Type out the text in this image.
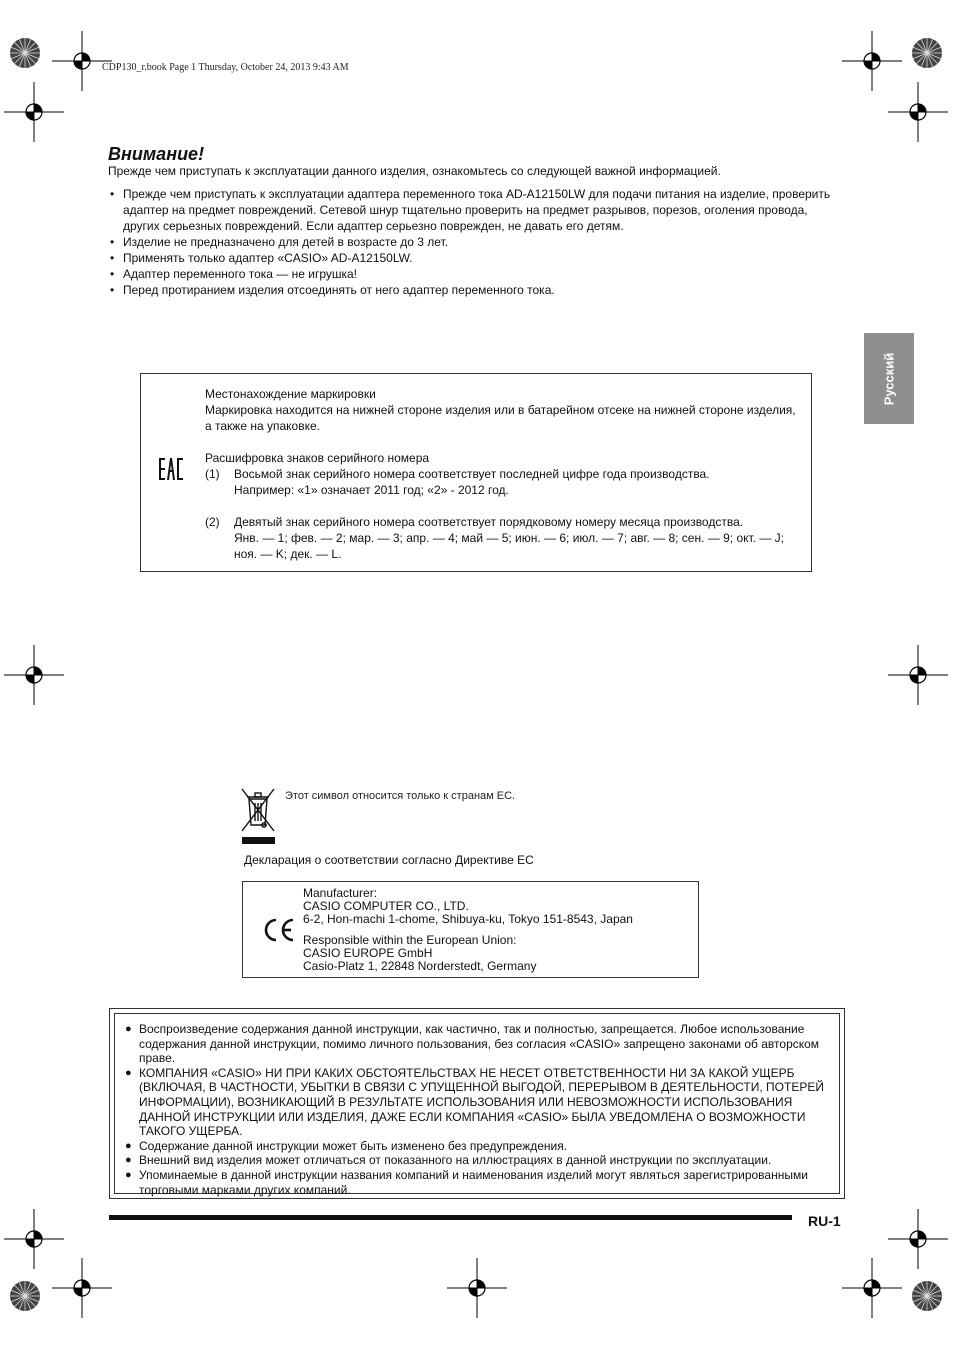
CDP130_r.book Page 1 Thursday, October 24, 2013 9:43 AM
Русский
Внимание!
Прежде чем приступать к эксплуатации данного изделия, ознакомьтесь со следующей важной информацией.
• Прежде чем приступать к эксплуатации адаптера переменного тока AD-A12150LW для подачи питания на изделие, проверить адаптер на предмет повреждений. Сетевой шнур тщательно проверить на предмет разрывов, порезов, оголения провода, других серьезных повреждений. Если адаптер серьезно поврежден, не давать его детям.
• Изделие не предназначено для детей в возрасте до 3 лет.
• Применять только адаптер «CASIO» AD-A12150LW.
• Адаптер переменного тока — не игрушка!
• Перед протиранием изделия отсоединять от него адаптер переменного тока.
Местонахождение маркировки
Маркировка находится на нижней стороне изделия или в батарейном отсеке на нижней стороне изделия, а также на упаковке.
Расшифровка знаков серийного номера
(1) Восьмой знак серийного номера соответствует последней цифре года производства.
Например: «1» означает 2011 год; «2» - 2012 год.
(2) Девятый знак серийного номера соответствует порядковому номеру месяца производства.
Янв. — 1; фев. — 2; мар. — 3; апр. — 4; май — 5; июн. — 6; июл. — 7; авг. — 8; сен. — 9; окт. — J; ноя. — K; дек. — L.
Этот символ относится только к странам ЕС.
Декларация о соответствии согласно Директиве ЕС
Manufacturer:
CASIO COMPUTER CO., LTD.
6-2, Hon-machi 1-chome, Shibuya-ku, Tokyo 151-8543, Japan
Responsible within the European Union:
CASIO EUROPE GmbH
Casio-Platz 1, 22848 Norderstedt, Germany
● Воспроизведение содержания данной инструкции, как частично, так и полностью, запрещается. Любое использование содержания данной инструкции, помимо личного пользования, без согласия «CASIO» запрещено законами об авторском праве.
● КОМПАНИЯ «CASIO» НИ ПРИ КАКИХ ОБСТОЯТЕЛЬСТВАХ НЕ НЕСЕТ ОТВЕТСТВЕННОСТИ НИ ЗА КАКОЙ УЩЕРБ (ВКЛЮЧАЯ, В ЧАСТНОСТИ, УБЫТКИ В СВЯЗИ С УПУЩЕННОЙ ВЫГОДОЙ, ПЕРЕРЫВОМ В ДЕЯТЕЛЬНОСТИ, ПОТЕРЕЙ ИНФОРМАЦИИ), ВОЗНИКАЮЩИЙ В РЕЗУЛЬТАТЕ ИСПОЛЬЗОВАНИЯ ИЛИ НЕВОЗМОЖНОСТИ ИСПОЛЬЗОВАНИЯ ДАННОЙ ИНСТРУКЦИИ ИЛИ ИЗДЕЛИЯ, ДАЖЕ ЕСЛИ КОМПАНИЯ «CASIO» БЫЛА УВЕДОМЛЕНА О ВОЗМОЖНОСТИ ТАКОГО УЩЕРБА.
● Содержание данной инструкции может быть изменено без предупреждения.
● Внешний вид изделия может отличаться от показанного на иллюстрациях в данной инструкции по эксплуатации.
● Упоминаемые в данной инструкции названия компаний и наименования изделий могут являться зарегистрированными торговыми марками других компаний.
RU-1
